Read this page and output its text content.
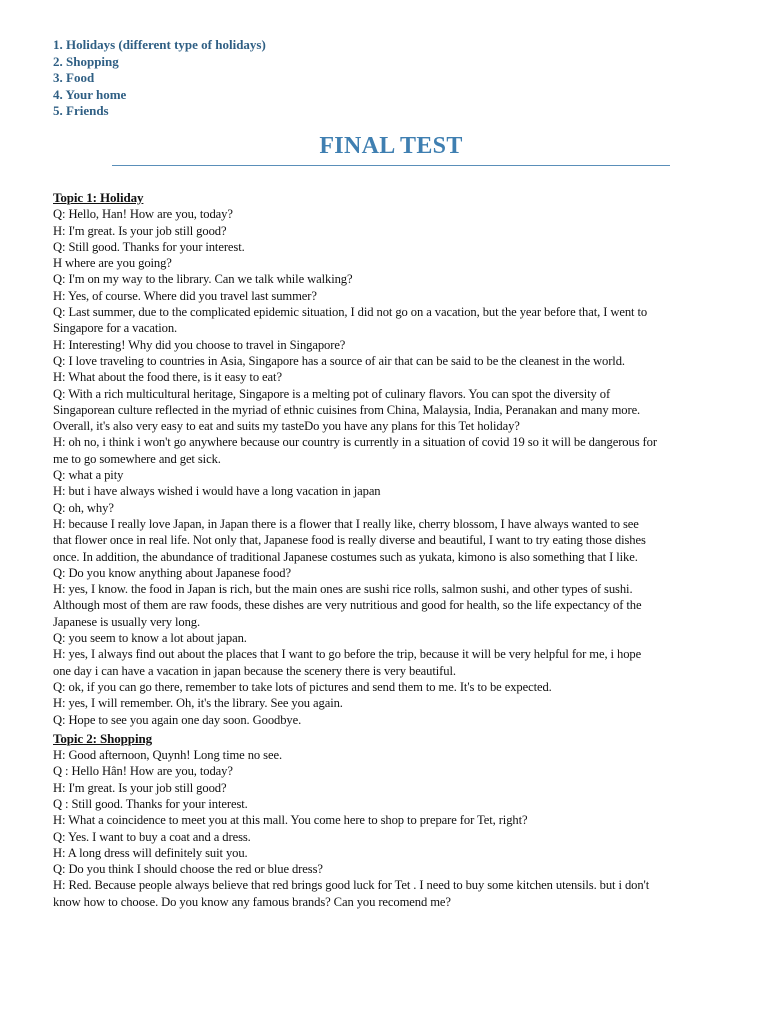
1. Holidays (different type of holidays)
2. Shopping
3. Food
4. Your home
5. Friends
FINAL TEST
Topic 1: Holiday
Q: Hello, Han! How are you, today?
H: I'm great. Is your job still good?
Q: Still good. Thanks for your interest.
H where are you going?
Q: I'm on my way to the library. Can we talk while walking?
H: Yes, of course. Where did you travel last summer?
Q: Last summer, due to the complicated epidemic situation, I did not go on a vacation, but the year before that, I went to
Singapore for a vacation.
H: Interesting! Why did you choose to travel in Singapore?
Q: I love traveling to countries in Asia, Singapore has a source of air that can be said to be the cleanest in the world.
H: What about the food there, is it easy to eat?
Q: With a rich multicultural heritage, Singapore is a melting pot of culinary flavors. You can spot the diversity of
Singaporean culture reflected in the myriad of ethnic cuisines from China, Malaysia, India, Peranakan and many more.
Overall, it's also very easy to eat and suits my tasteDo you have any plans for this Tet holiday?
H: oh no, i think i won't go anywhere because our country is currently in a situation of covid 19 so it will be dangerous for
me to go somewhere and get sick.
Q: what a pity
H: but i have always wished i would have a long vacation in japan
Q: oh, why?
H: because I really love Japan, in Japan there is a flower that I really like, cherry blossom, I have always wanted to see
that flower once in real life. Not only that, Japanese food is really diverse and beautiful, I want to try eating those dishes
once. In addition, the abundance of traditional Japanese costumes such as yukata, kimono is also something that I like.
Q: Do you know anything about Japanese food?
H: yes, I know. the food in Japan is rich, but the main ones are sushi rice rolls, salmon sushi, and other types of sushi.
Although most of them are raw foods, these dishes are very nutritious and good for health, so the life expectancy of the
Japanese is usually very long.
Q: you seem to know a lot about japan.
H: yes, I always find out about the places that I want to go before the trip, because it will be very helpful for me, i hope
one day i can have a vacation in japan because the scenery there is very beautiful.
Q: ok, if you can go there, remember to take lots of pictures and send them to me. It's to be expected.
H: yes, I will remember. Oh, it's the library. See you again.
Q: Hope to see you again one day soon. Goodbye.
Topic 2: Shopping
H: Good afternoon, Quynh! Long time no see.
Q : Hello Hân! How are you, today?
H: I'm great. Is your job still good?
Q : Still good. Thanks for your interest.
H: What a coincidence to meet you at this mall. You come here to shop to prepare for Tet, right?
Q: Yes. I want to buy a coat and a dress.
H: A long dress will definitely suit you.
Q: Do you think I should choose the red or blue dress?
H: Red. Because people always believe that red brings good luck for Tet . I need to buy some kitchen utensils. but i don't
know how to choose. Do you know any famous brands? Can you recomend me?
